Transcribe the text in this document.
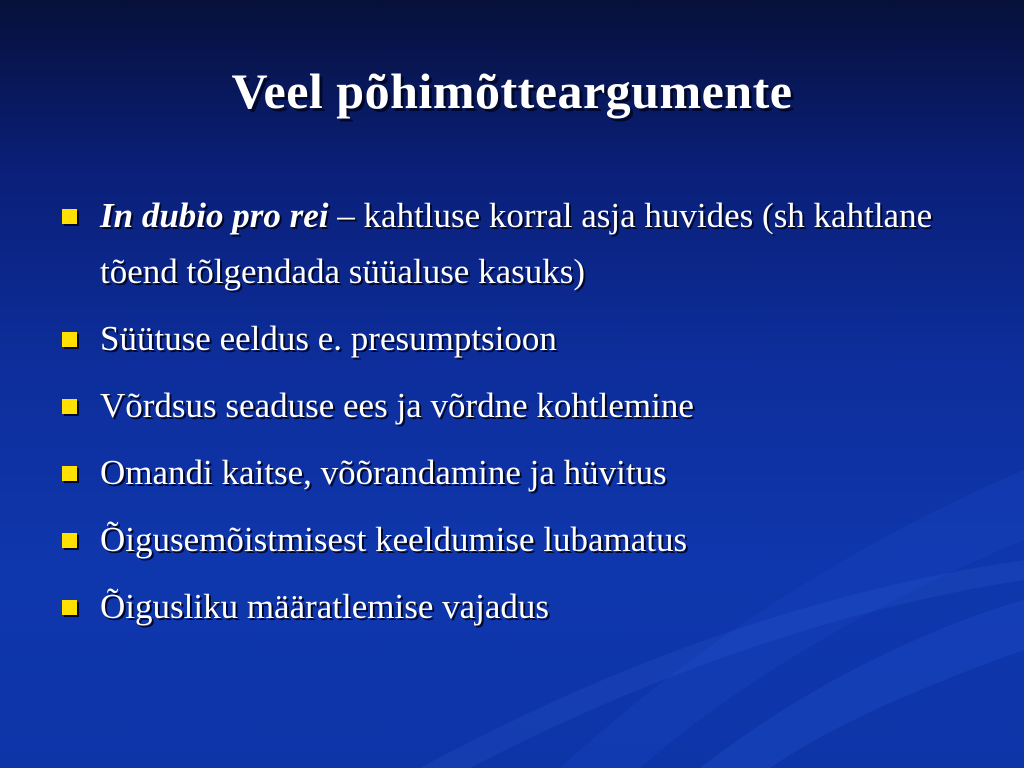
Veel põhimõtteargumente
In dubio pro rei – kahtluse korral asja huvides (sh kahtlane tõend tõlgendada süüaluse kasuks)
Süütuse eeldus e. presumptsioon
Võrdsus seaduse ees ja võrdne kohtlemine
Omandi kaitse, võõrandamine ja hüvitus
Õigusemõistmisest keeldumise lubamatus
Õigusliku määratlemise vajadus
